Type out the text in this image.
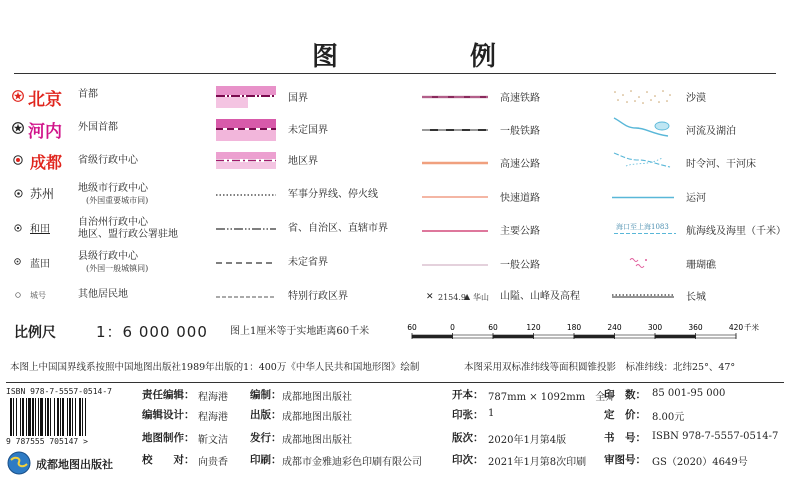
图	例
北京 首都
河内 外国首都
成都 省级行政中心
苏州 地级市行政中心
(外国重要城市同)
和田
自治州行政中心
地区、盟行政公署驻地
蓝田
县级行政中心
(外国一般城镇同)
城号	其他居民地
国界
未定国界
地区界
军事分界线、停火线
省、自治区、直辖市界
未定省界
特别行政区界
高速铁路
一般铁路
高速公路
快速道路
主要公路
一般公路
✕ 2154.9
▲ 华山 山隘、山峰及高程
沙漠
河流及湖泊
时令河、干河床
运河
海口至上海1083 航海线及海里（千米）
珊瑚礁
长城
比例尺	1：6 000 000 图上1厘米等于实地距离60千米	60	0	60	120	180	240	300	360	420 千米
本图上中国国界线系按照中国地图出版社1989年出版的1：400万《中华人民共和国地形图》绘制	本图采用双标准纬线等面积圆锥投影　标准纬线：北纬25°、47°
ISBN 978-7-5557-0514-7
9 787555 705147 >
成都地图出版社
责任编辑： 程海港
编辑设计： 程海港
地图制作： 靳文洁
校　　对： 向贵香
编制： 成都地图出版社
出版： 成都地图出版社
发行： 成都地图出版社
印刷： 成都市金雅迪彩色印刷有限公司
开本： 787mm × 1092mm　全开
印张： 1
版次： 2020年1月第4版
印次： 2021年1月第8次印刷
印　数： 85 001-95 000
定　价： 8.00元
书　号： ISBN 978-7-5557-0514-7
审图号： GS（2020）4649号
